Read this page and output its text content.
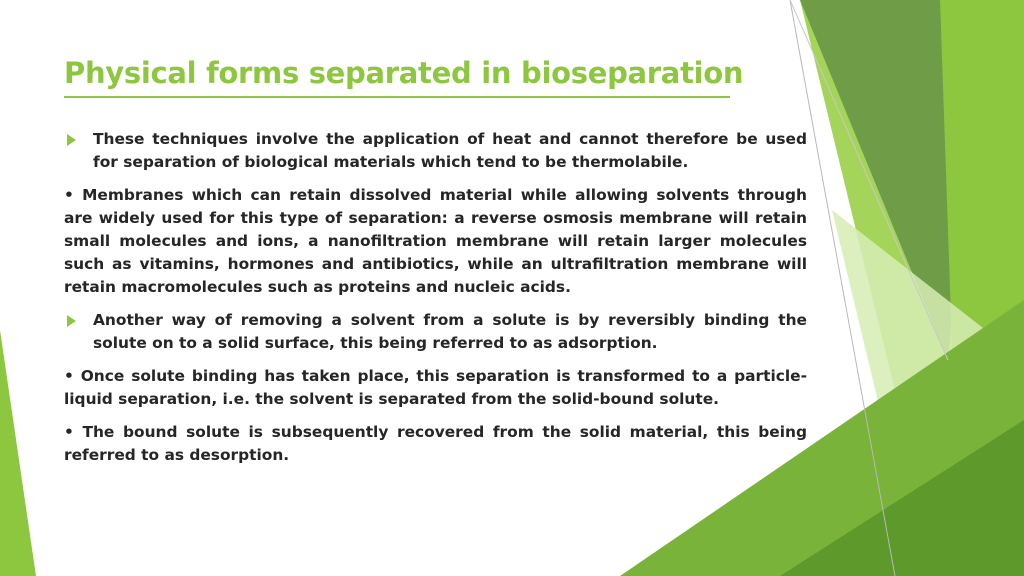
Physical forms separated in bioseparation
These techniques involve the application of heat and cannot therefore be used for separation of biological materials which tend to be thermolabile.
• Membranes which can retain dissolved material while allowing solvents through are widely used for this type of separation: a reverse osmosis membrane will retain small molecules and ions, a nanofiltration membrane will retain larger molecules such as vitamins, hormones and antibiotics, while an ultrafiltration membrane will retain macromolecules such as proteins and nucleic acids.
Another way of removing a solvent from a solute is by reversibly binding the solute on to a solid surface, this being referred to as adsorption.
• Once solute binding has taken place, this separation is transformed to a particle-liquid separation, i.e. the solvent is separated from the solid-bound solute.
• The bound solute is subsequently recovered from the solid material, this being referred to as desorption.
